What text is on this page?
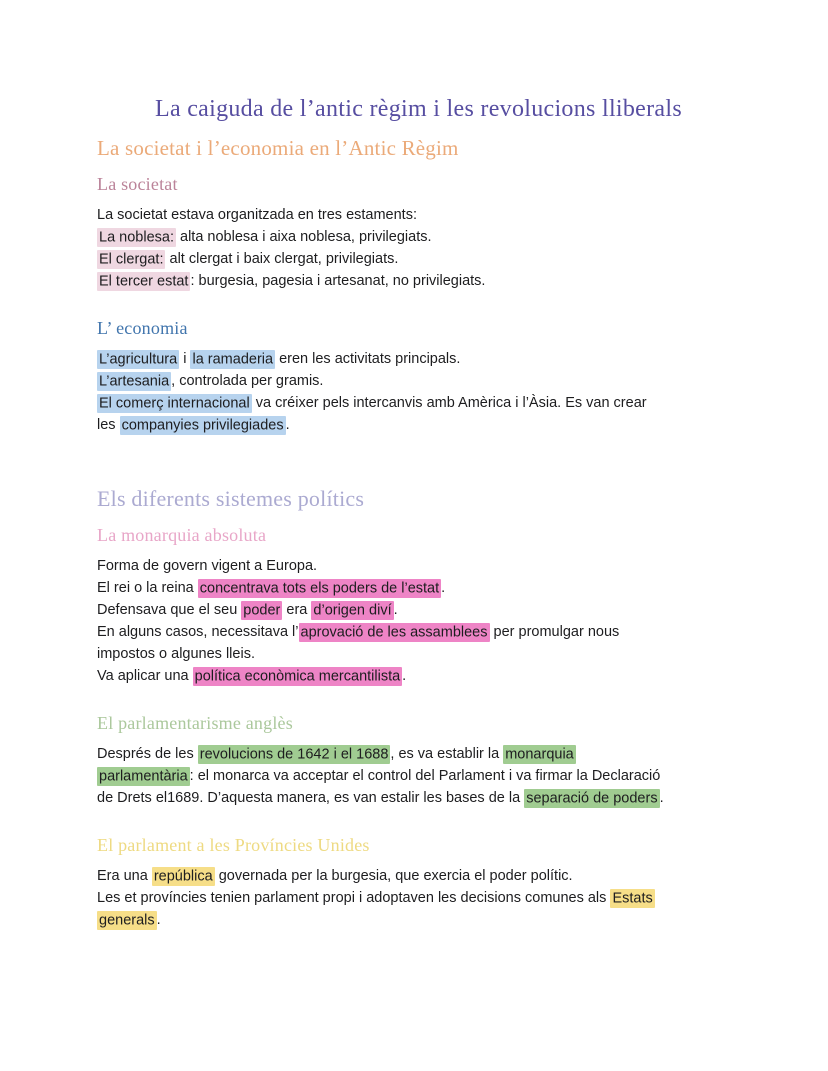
La caiguda de l’antic règim i les revolucions lliberals
La societat i l’economia en l’Antic Règim
La societat
La societat estava organitzada en tres estaments:
La noblesa: alta noblesa i aixa noblesa, privilegiats.
El clergat: alt clergat i baix clergat, privilegiats.
El tercer estat : burgesia, pagesia i artesanat, no privilegiats.
L’ economia
L’agricultura i la ramaderia eren les activitats principals.
L’artesania , controlada per gramis.
El comerç internacional va créixer pels intercanvis amb Amèrica i l’Àsia. Es van crear
les companyies privilegiades .
Els diferents sistemes polítics
La monarquia absoluta
Forma de govern vigent a Europa.
El rei o la reina concentrava tots els poders de l’estat .
Defensava que el seu poder era d’origen diví .
En alguns casos, necessitava l’ aprovació de les assamblees per promulgar nous
impostos o algunes lleis.
Va aplicar una política econòmica mercantilista .
El parlamentarisme anglès
Després de les revolucions de 1642 i el 1688 , es va establir la monarquia
parlamentària : el monarca va acceptar el control del Parlament i va firmar la Declaració
de Drets el1689. D’aquesta manera, es van estalir les bases de la separació de poders .
El parlament a les Províncies Unides
Era una república governada per la burgesia, que exercia el poder polític.
Les et províncies tenien parlament propi i adoptaven les decisions comunes als Estats
generals .
